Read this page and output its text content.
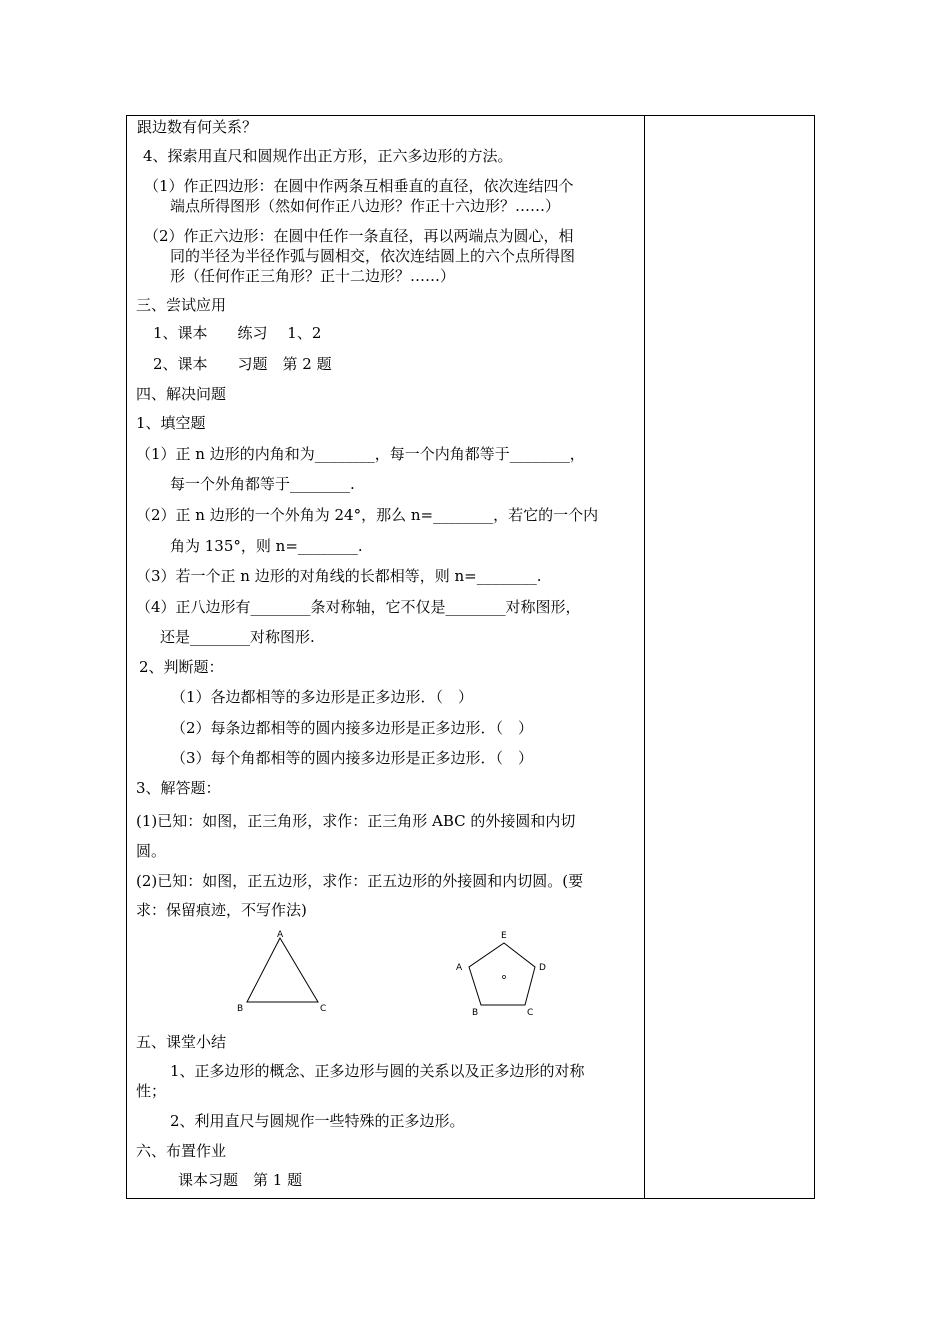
跟边数有何关系？
4、探索用直尺和圆规作出正方形，正六多边形的方法。
（1）作正四边形：在圆中作两条互相垂直的直径，依次连结四个
端点所得图形（然如何作正八边形？作正十六边形？……）
（2）作正六边形：在圆中任作一条直径，再以两端点为圆心，相
同的半径为半径作弧与圆相交，依次连结圆上的六个点所得图
形（任何作正三角形？正十二边形？……）
三、尝试应用
1、课本　　练习　 1、2
2、课本　　习题　第 2 题
四、解决问题
1、填空题
（1）正 n 边形的内角和为________，每一个内角都等于________，
每一个外角都等于________.
（2）正 n 边形的一个外角为 24°，那么 n=________，若它的一个内
角为 135°，则 n=________.
（3）若一个正 n 边形的对角线的长都相等，则 n=________.
（4）正八边形有________条对称轴，它不仅是________对称图形，
还是________对称图形.
2、判断题：
（1）各边都相等的多边形是正多边形．（　）
（2）每条边都相等的圆内接多边形是正多边形．（　）
（3）每个角都相等的圆内接多边形是正多边形．（　）
3、解答题：
(1)已知：如图，正三角形，求作：正三角形 ABC 的外接圆和内切
圆。
(2)已知：如图，正五边形，求作：正五边形的外接圆和内切圆。(要
求：保留痕迹，不写作法)
A
B	C
E
A	D
B	C
五、课堂小结
1、正多边形的概念、正多边形与圆的关系以及正多边形的对称
性；
2、利用直尺与圆规作一些特殊的正多边形。
六、布置作业
课本习题　第 1 题
